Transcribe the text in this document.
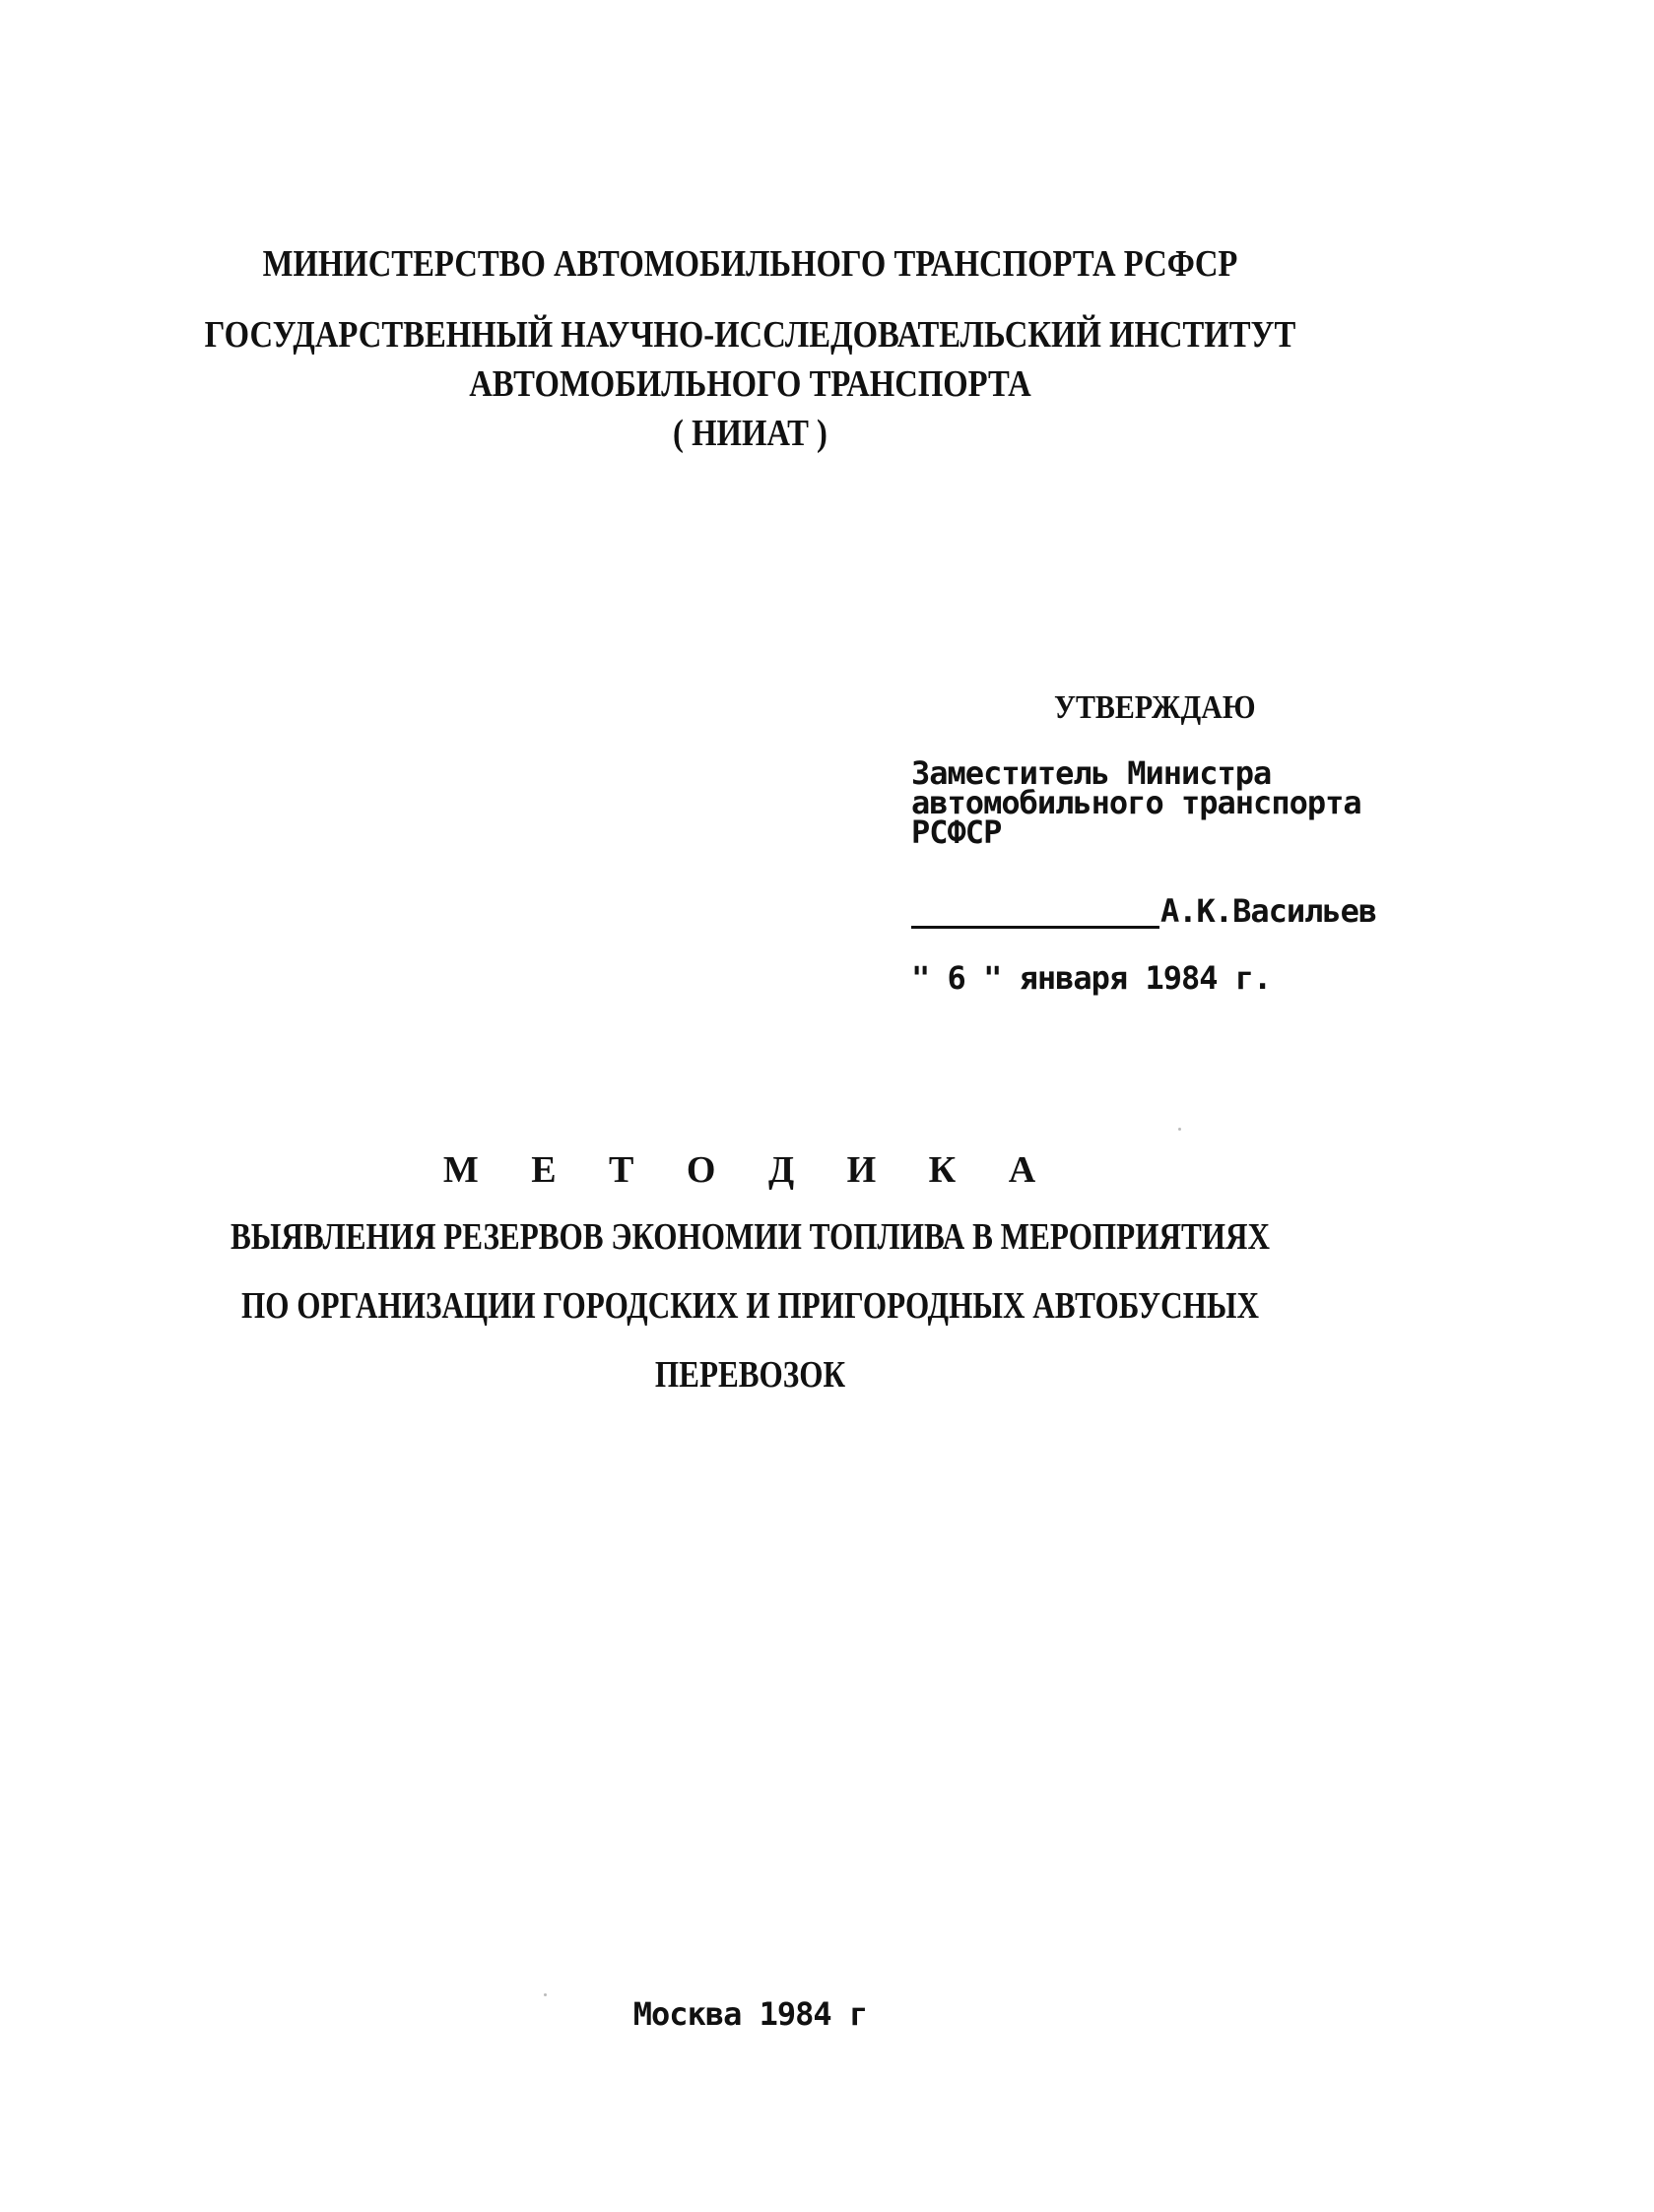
МИНИСТЕРСТВО АВТОМОБИЛЬНОГО ТРАНСПОРТА РСФСР
ГОСУДАРСТВЕННЫЙ НАУЧНО-ИССЛЕДОВАТЕЛЬСКИЙ ИНСТИТУТ
АВТОМОБИЛЬНОГО ТРАНСПОРТА
( НИИАТ )
УТВЕРЖДАЮ
Заместитель Министра
автомобильного транспорта
РСФСР
А.К.Васильев
" 6 " января 1984 г.
М Е Т О Д И К А
ВЫЯВЛЕНИЯ РЕЗЕРВОВ ЭКОНОМИИ ТОПЛИВА В МЕРОПРИЯТИЯХ
ПО ОРГАНИЗАЦИИ ГОРОДСКИХ И ПРИГОРОДНЫХ АВТОБУСНЫХ
ПЕРЕВОЗОК
Москва 1984 г
